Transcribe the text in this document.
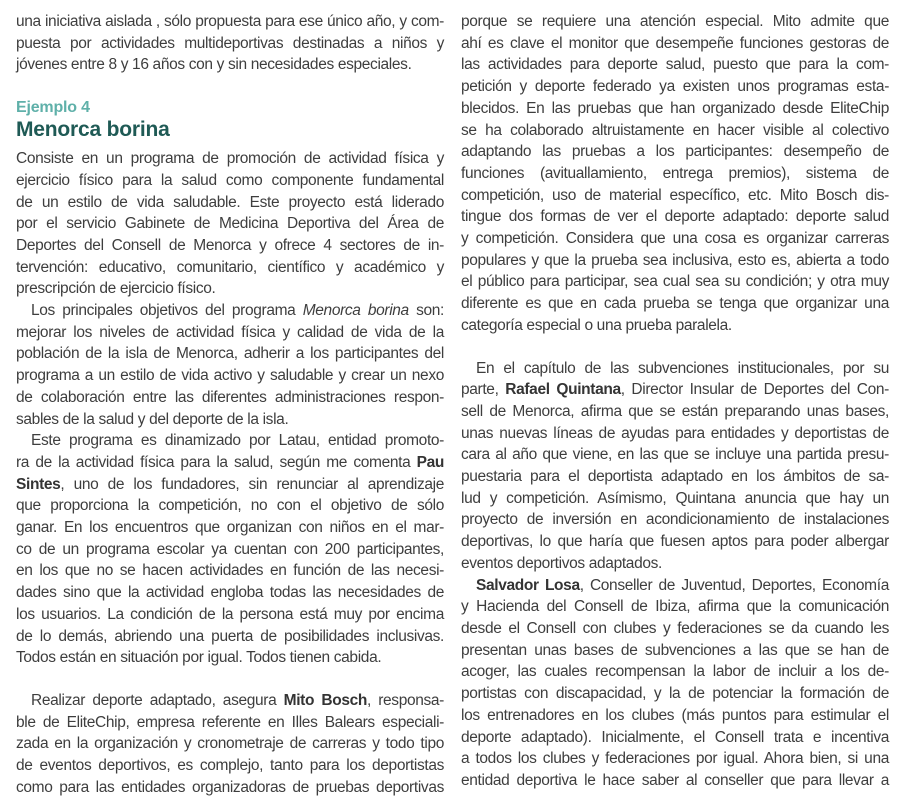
una iniciativa aislada , sólo propuesta para ese único año, y com-
puesta por actividades multideportivas destinadas a niños y
jóvenes entre 8 y 16 años con y sin necesidades especiales.
Ejemplo 4
Menorca borina
Consiste en un programa de promoción de actividad física y
ejercicio físico para la salud como componente fundamental
de un estilo de vida saludable. Este proyecto está liderado
por el servicio Gabinete de Medicina Deportiva del Área de
Deportes del Consell de Menorca y ofrece 4 sectores de in-
tervención: educativo, comunitario, científico y académico y
prescripción de ejercicio físico.
Los principales objetivos del programa Menorca borina son:
mejorar los niveles de actividad física y calidad de vida de la
población de la isla de Menorca, adherir a los participantes del
programa a un estilo de vida activo y saludable y crear un nexo
de colaboración entre las diferentes administraciones respon-
sables de la salud y del deporte de la isla.
Este programa es dinamizado por Latau, entidad promoto-
ra de la actividad física para la salud, según me comenta Pau
Sintes, uno de los fundadores, sin renunciar al aprendizaje
que proporciona la competición, no con el objetivo de sólo
ganar. En los encuentros que organizan con niños en el mar-
co de un programa escolar ya cuentan con 200 participantes,
en los que no se hacen actividades en función de las necesi-
dades sino que la actividad engloba todas las necesidades de
los usuarios. La condición de la persona está muy por encima
de lo demás, abriendo una puerta de posibilidades inclusivas.
Todos están en situación por igual. Todos tienen cabida.
Realizar deporte adaptado, asegura Mito Bosch, responsa-
ble de EliteChip, empresa referente en Illes Balears especiali-
zada en la organización y cronometraje de carreras y todo tipo
de eventos deportivos, es complejo, tanto para los deportistas
como para las entidades organizadoras de pruebas deportivas
porque se requiere una atención especial. Mito admite que
ahí es clave el monitor que desempeñe funciones gestoras de
las actividades para deporte salud, puesto que para la com-
petición y deporte federado ya existen unos programas esta-
blecidos. En las pruebas que han organizado desde EliteChip
se ha colaborado altruistamente en hacer visible al colectivo
adaptando las pruebas a los participantes: desempeño de
funciones (avituallamiento, entrega premios), sistema de
competición, uso de material específico, etc. Mito Bosch dis-
tingue dos formas de ver el deporte adaptado: deporte salud
y competición. Considera que una cosa es organizar carreras
populares y que la prueba sea inclusiva, esto es, abierta a todo
el público para participar, sea cual sea su condición; y otra muy
diferente es que en cada prueba se tenga que organizar una
categoría especial o una prueba paralela.
En el capítulo de las subvenciones institucionales, por su
parte, Rafael Quintana, Director Insular de Deportes del Con-
sell de Menorca, afirma que se están preparando unas bases,
unas nuevas líneas de ayudas para entidades y deportistas de
cara al año que viene, en las que se incluye una partida presu-
puestaria para el deportista adaptado en los ámbitos de sa-
lud y competición. Asímismo, Quintana anuncia que hay un
proyecto de inversión en acondicionamiento de instalaciones
deportivas, lo que haría que fuesen aptos para poder albergar
eventos deportivos adaptados.
Salvador Losa, Conseller de Juventud, Deportes, Economía
y Hacienda del Consell de Ibiza, afirma que la comunicación
desde el Consell con clubes y federaciones se da cuando les
presentan unas bases de subvenciones a las que se han de
acoger, las cuales recompensan la labor de incluir a los de-
portistas con discapacidad, y la de potenciar la formación de
los entrenadores en los clubes (más puntos para estimular el
deporte adaptado). Inicialmente, el Consell trata e incentiva
a todos los clubes y federaciones por igual. Ahora bien, si una
entidad deportiva le hace saber al conseller que para llevar a
